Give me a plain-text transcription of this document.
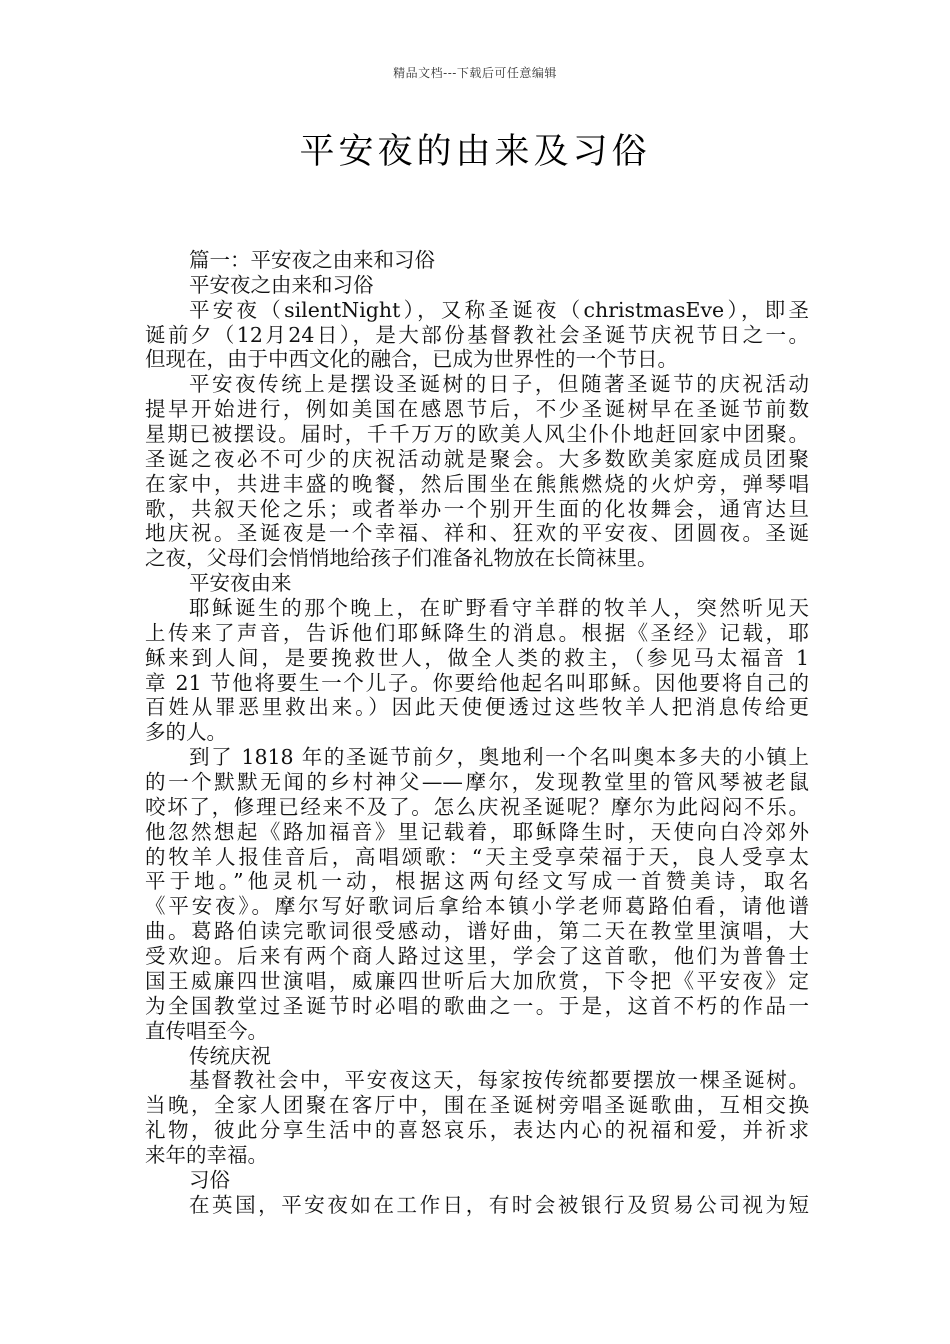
精品文档---下载后可任意编辑
平安夜的由来及习俗
篇一：平安夜之由来和习俗
平安夜之由来和习俗
平安夜（silentNight），又称圣诞夜（christmasEve），即圣
诞前夕（12月24日），是大部份基督教社会圣诞节庆祝节日之一。
但现在，由于中西文化的融合，已成为世界性的一个节日。
平安夜传统上是摆设圣诞树的日子，但随著圣诞节的庆祝活动
提早开始进行，例如美国在感恩节后，不少圣诞树早在圣诞节前数
星期已被摆设。届时，千千万万的欧美人风尘仆仆地赶回家中团聚。
圣诞之夜必不可少的庆祝活动就是聚会。大多数欧美家庭成员团聚
在家中，共进丰盛的晚餐，然后围坐在熊熊燃烧的火炉旁，弹琴唱
歌，共叙天伦之乐；或者举办一个别开生面的化妆舞会，通宵达旦
地庆祝。圣诞夜是一个幸福、祥和、狂欢的平安夜、团圆夜。圣诞
之夜，父母们会悄悄地给孩子们准备礼物放在长筒袜里。
平安夜由来
耶稣诞生的那个晚上，在旷野看守羊群的牧羊人，突然听见天
上传来了声音，告诉他们耶稣降生的消息。根据《圣经》记载，耶
稣来到人间，是要挽救世人，做全人类的救主，（参见马太福音 1
章 21 节他将要生一个儿子。你要给他起名叫耶稣。因他要将自己的
百姓从罪恶里救出来。）因此天使便透过这些牧羊人把消息传给更
多的人。
到了 1818 年的圣诞节前夕，奥地利一个名叫奥本多夫的小镇上
的一个默默无闻的乡村神父——摩尔，发现教堂里的管风琴被老鼠
咬坏了，修理已经来不及了。怎么庆祝圣诞呢？摩尔为此闷闷不乐。
他忽然想起《路加福音》里记载着，耶稣降生时，天使向白冷郊外
的牧羊人报佳音后，高唱颂歌：“天主受享荣福于天，良人受享太
平于地。”他灵机一动，根据这两句经文写成一首赞美诗，取名
《平安夜》。摩尔写好歌词后拿给本镇小学老师葛路伯看，请他谱
曲。葛路伯读完歌词很受感动，谱好曲，第二天在教堂里演唱，大
受欢迎。后来有两个商人路过这里，学会了这首歌，他们为普鲁士
国王威廉四世演唱，威廉四世听后大加欣赏，下令把《平安夜》定
为全国教堂过圣诞节时必唱的歌曲之一。于是，这首不朽的作品一
直传唱至今。
传统庆祝
基督教社会中，平安夜这天，每家按传统都要摆放一棵圣诞树。
当晚，全家人团聚在客厅中，围在圣诞树旁唱圣诞歌曲，互相交换
礼物，彼此分享生活中的喜怒哀乐，表达内心的祝福和爱，并祈求
来年的幸福。
习俗
在英国，平安夜如在工作日，有时会被银行及贸易公司视为短
